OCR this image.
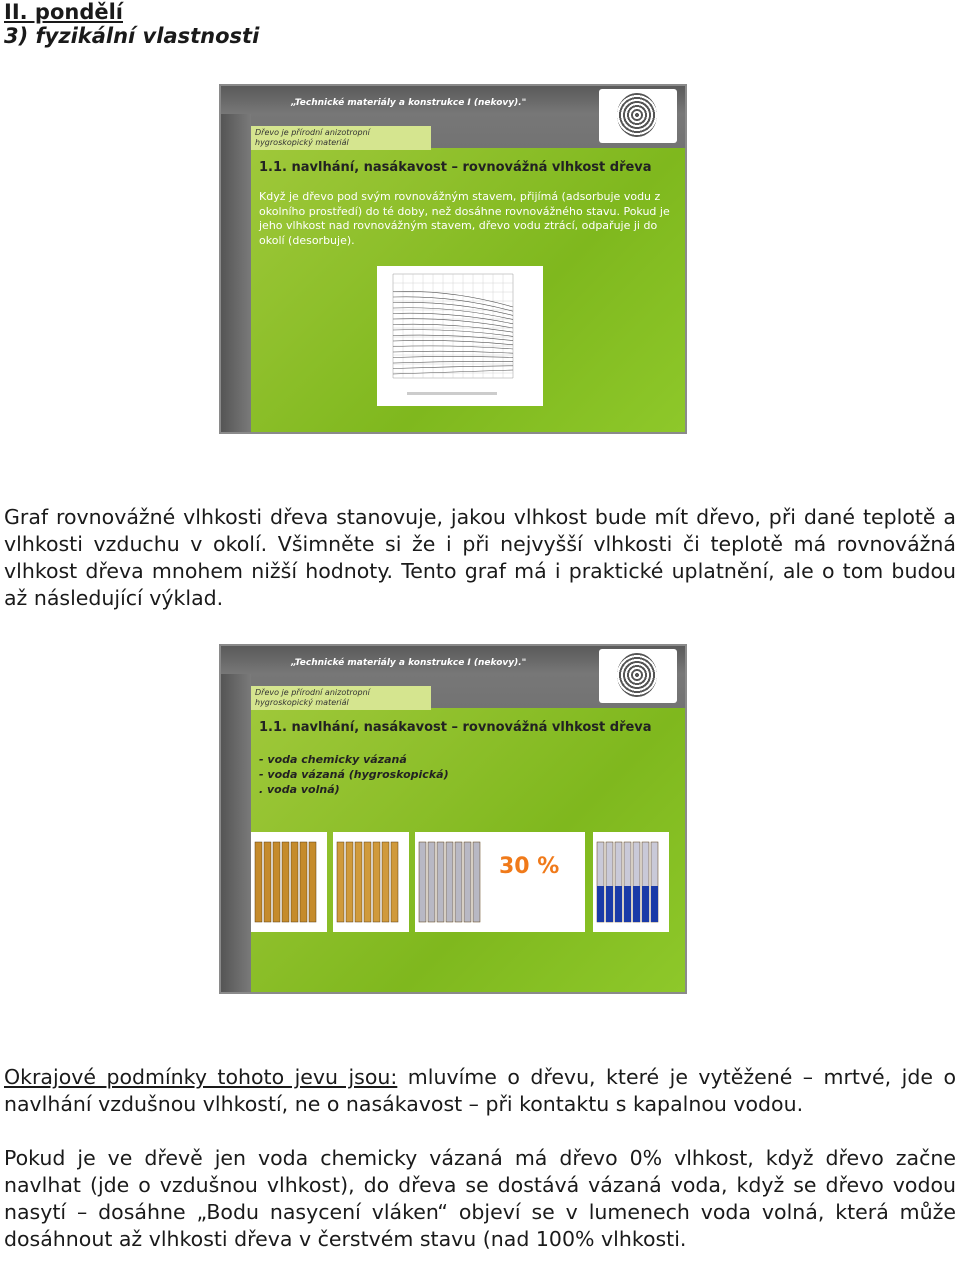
II. pondělí
3) fyzikální vlastnosti
„Technické materiály a konstrukce I (nekovy)."
Dřevo je přírodní anizotropní hygroskopický materiál
1.1. navlhání, nasákavost – rovnovážná vlhkost dřeva
Když je dřevo pod svým rovnovážným stavem, přijímá (adsorbuje vodu z okolního prostředí) do té doby, než dosáhne rovnovážného stavu. Pokud je jeho vlhkost nad rovnovážným stavem, dřevo vodu ztrácí, odpařuje ji do okolí (desorbuje).
Graf rovnovážné vlhkosti dřeva stanovuje, jakou vlhkost bude mít dřevo, při dané teplotě a vlhkosti vzduchu v okolí. Všimněte si že i při nejvyšší vlhkosti či teplotě má rovnovážná vlhkost dřeva mnohem nižší hodnoty. Tento graf má i praktické uplatnění, ale o tom budou až následující výklad.
„Technické materiály a konstrukce I (nekovy)."
Dřevo je přírodní anizotropní hygroskopický materiál
1.1. navlhání, nasákavost – rovnovážná vlhkost dřeva
- voda chemicky vázaná
- voda vázaná (hygroskopická)
. voda volná)
30 %
Okrajové podmínky tohoto jevu jsou: mluvíme o dřevu, které je vytěžené – mrtvé, jde o navlhání vzdušnou vlhkostí, ne o nasákavost – při kontaktu s kapalnou vodou.
Pokud je ve dřevě jen voda chemicky vázaná má dřevo 0% vlhkost, když dřevo začne navlhat (jde o vzdušnou vlhkost), do dřeva se dostává vázaná voda, když se dřevo vodou nasytí – dosáhne „Bodu nasycení vláken“ objeví se v lumenech voda volná, která může dosáhnout až vlhkosti dřeva v čerstvém stavu (nad 100% vlhkosti.
